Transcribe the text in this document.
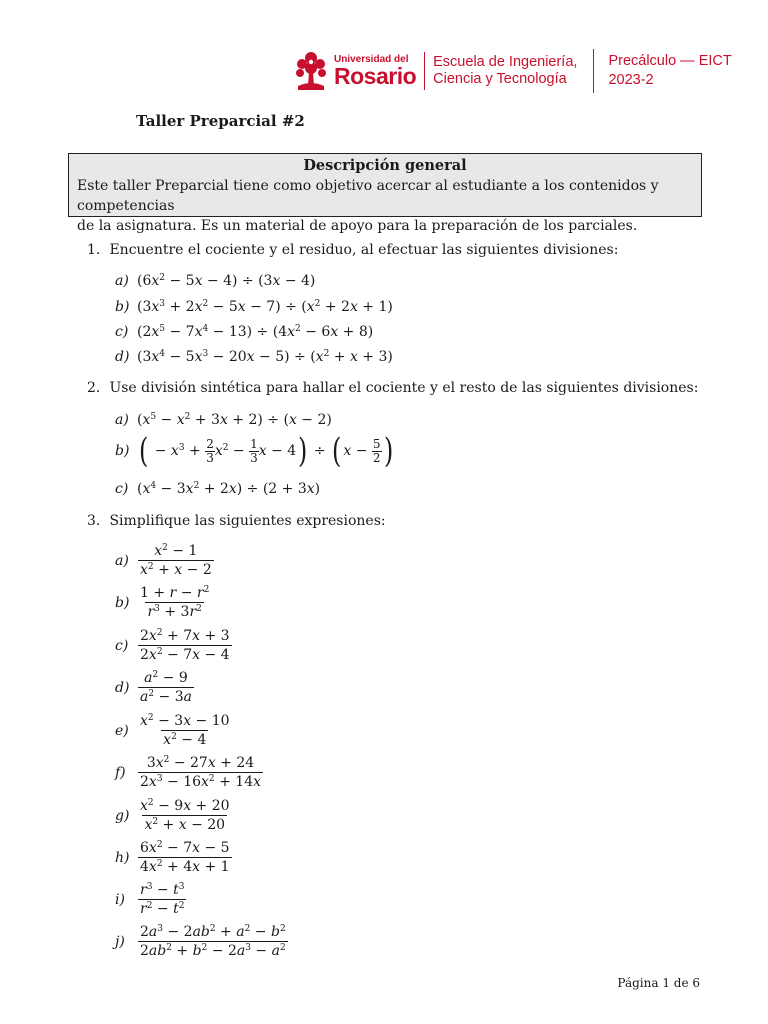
Universidad del
Rosario
Escuela de Ingeniería,
Ciencia y Tecnología
Precálculo — EICT
2023-2
Taller Preparcial #2
Descripción general
Este taller Preparcial tiene como objetivo acercar al estudiante a los contenidos y competencias
de la asignatura. Es un material de apoyo para la preparación de los parciales.
1. Encuentre el cociente y el residuo, al efectuar las siguientes divisiones:
a) $(6x^2 - 5x - 4) \div (3x - 4)$
b) $(3x^3 + 2x^2 - 5x - 7) \div (x^2 + 2x + 1)$
c) $(2x^5 - 7x^4 - 13) \div (4x^2 - 6x + 8)$
d) $(3x^4 - 5x^3 - 20x - 5) \div (x^2 + x + 3)$
2. Use división sintética para hallar el cociente y el resto de las siguientes divisiones:
a) $(x^5 - x^2 + 3x + 2) \div (x - 2)$
b) ( − $x^3 + \frac{2}{3} x^2 - \frac{1}{3}$ x − 4) ÷ ( $x - \frac{5}{2}$ )
c) $(x^4 - 3x^2 + 2x) \div (2 + 3x)$
3. Simplifique las siguientes expresiones:
$a) \frac{x^2 - 1}{x^2 + x - 2}$
$b) \frac{1 + r - r^2}{r^3 + 3r^2}$
$c) \frac{2x^2 + 7x + 3}{2x^2 - 7x - 4}$
$d) \frac{a^2 - 9}{a^2 - 3a}$
$e) \frac{x^2 - 3x - 10}{x^2 - 4}$
$f) \frac{3x^2 - 27x + 24}{2x^3 - 16x^2 + 14x}$
$g) \frac{x^2 - 9x + 20}{x^2 + x - 20}$
$h) \frac{6x^2 - 7x - 5}{4x^2 + 4x + 1}$
$i) \frac{r^3 - t^3}{r^2 - t^2}$
$j) \frac{2a^3 - 2ab^2 + a^2 - b^2}{2ab^2 + b^2 - 2a^3 - a^2}$
Página 1 de 6
